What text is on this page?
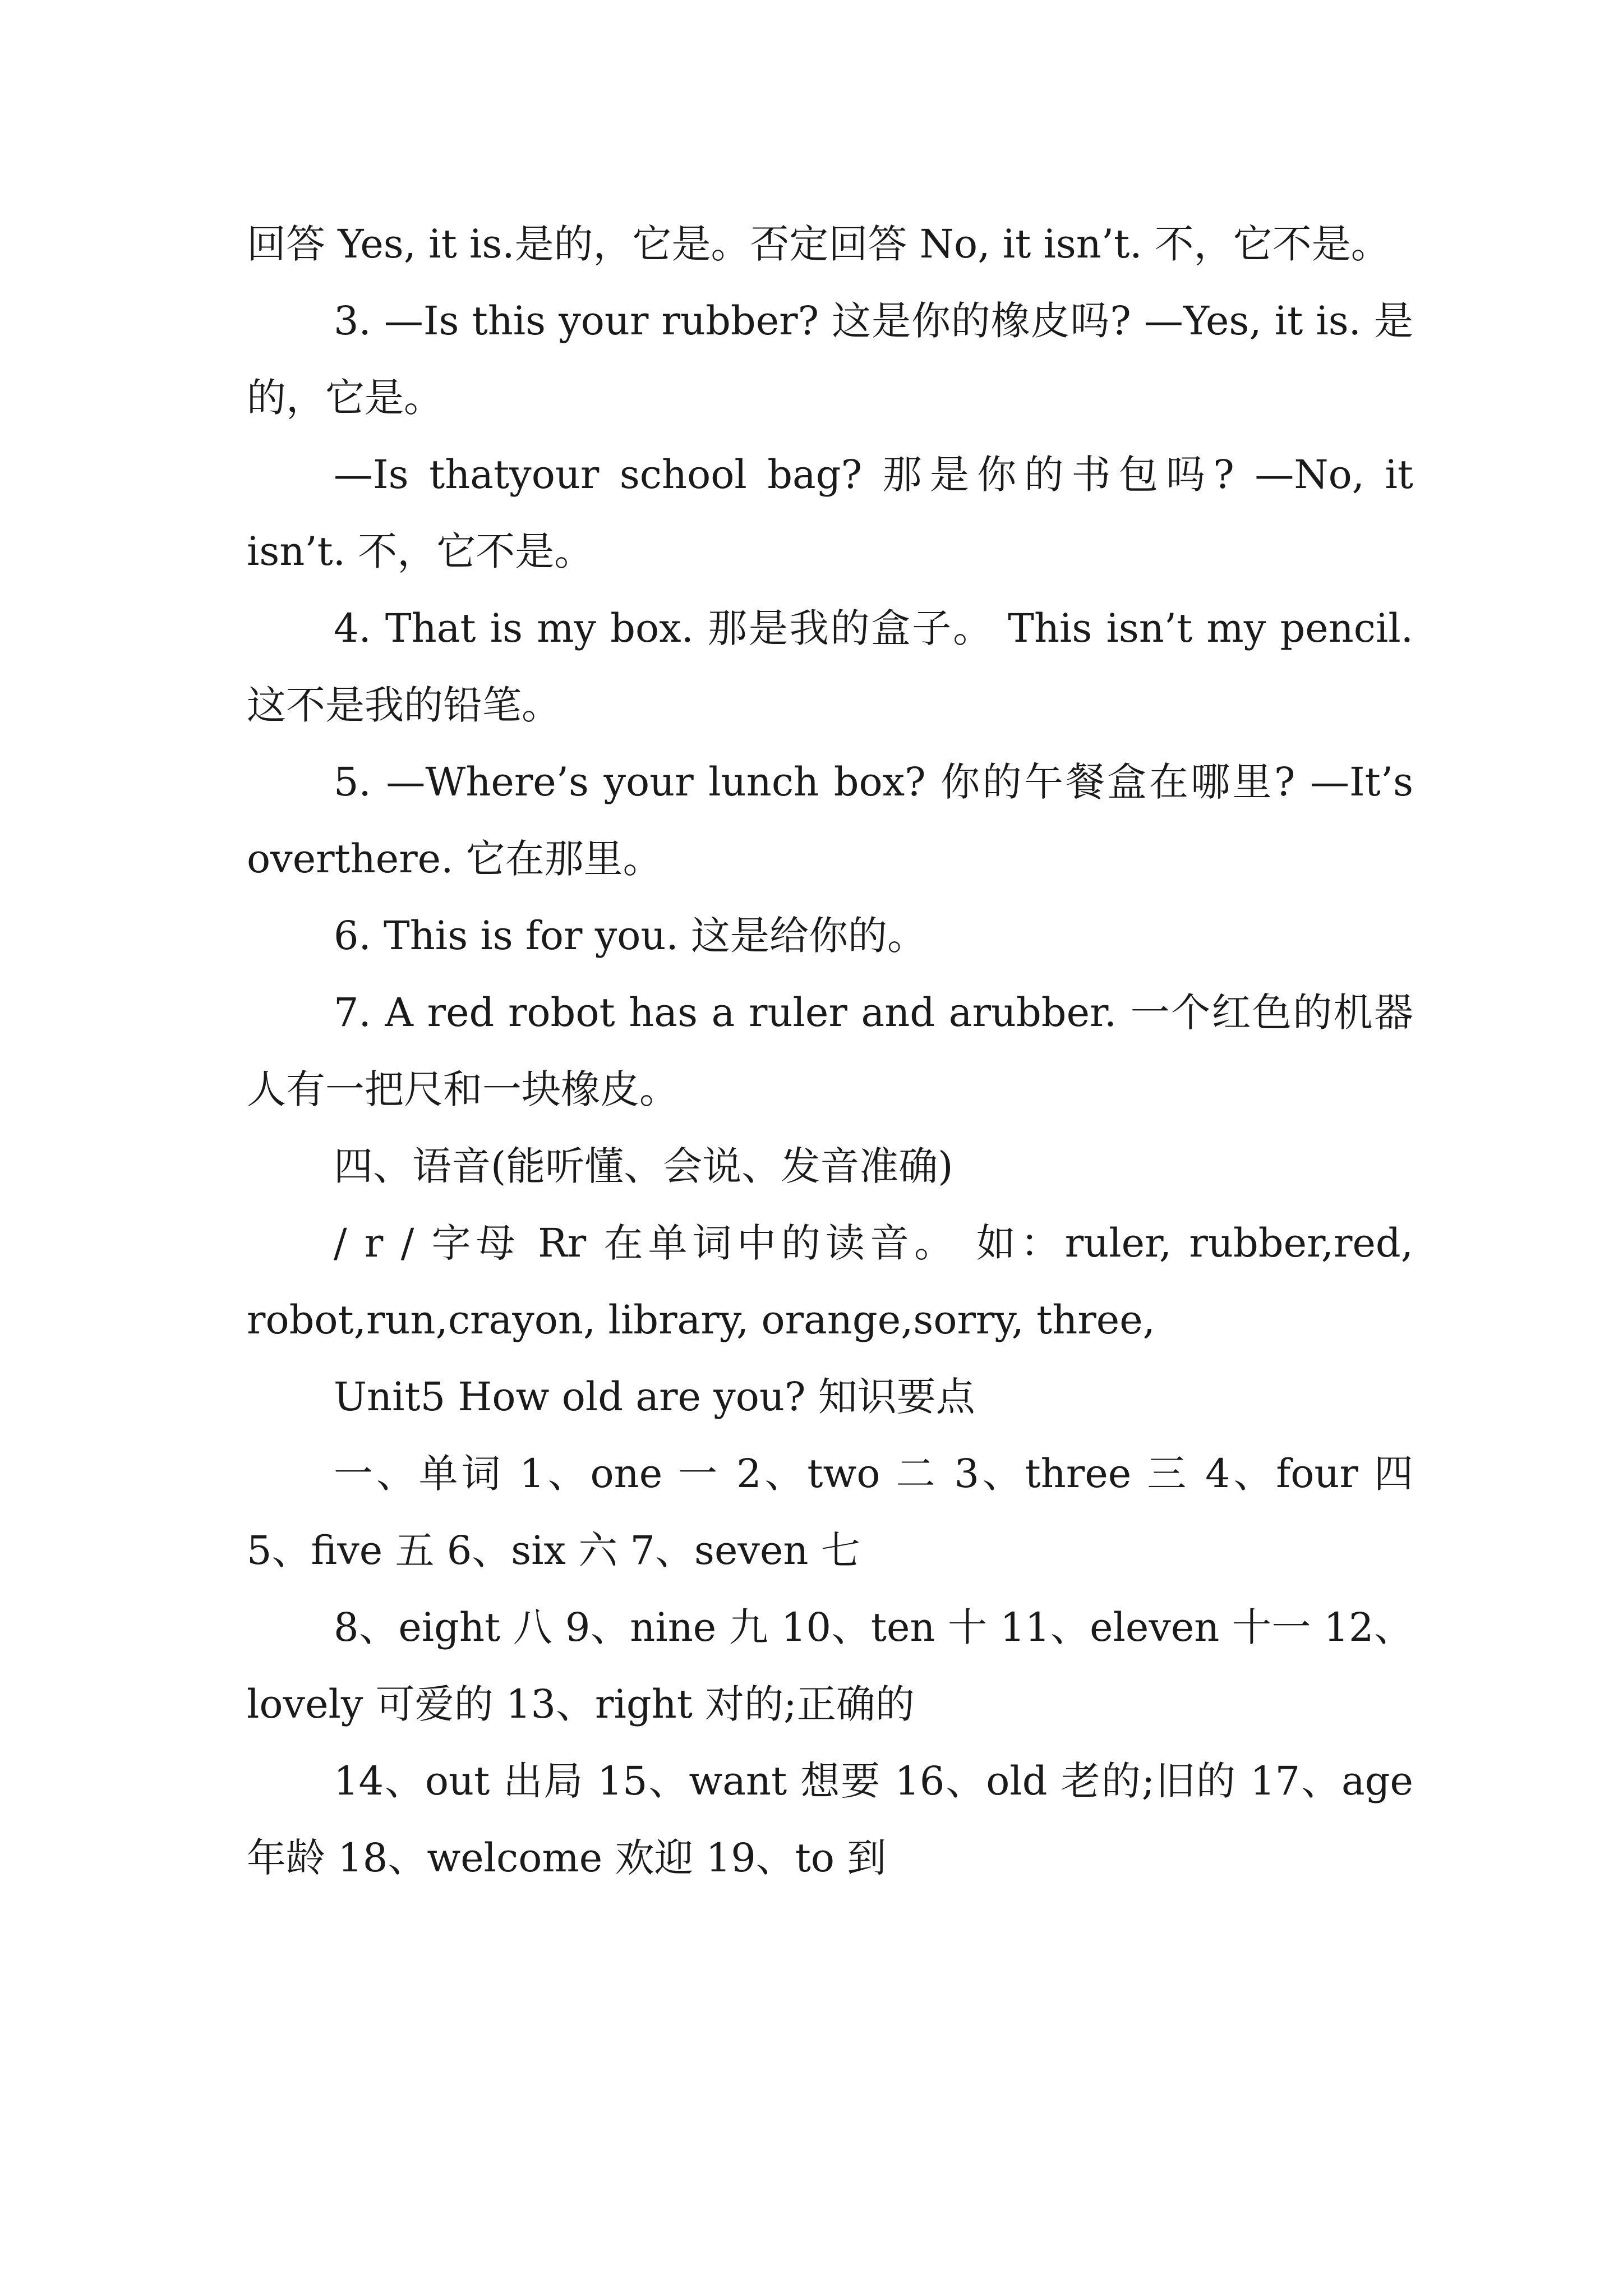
回答 Yes, it is.是的，它是。否定回答 No, it isn’t. 不，它不是。

3. —Is this your rubber? 这是你的橡皮吗? —Yes, it is. 是的，它是。

—Is thatyour school bag? 那是你的书包吗? —No, it isn’t. 不，它不是。

4. That is my box. 那是我的盒子。 This isn’t my pencil. 这不是我的铅笔。

5. —Where’s your lunch box? 你的午餐盒在哪里? —It’s overthere. 它在那里。

6. This is for you. 这是给你的。

7. A red robot has a ruler and arubber. 一个红色的机器人有一把尺和一块橡皮。

四、语音(能听懂、会说、发音准确)

/ r / 字母 Rr 在单词中的读音。 如：ruler, rubber,red, robot,run,crayon, library, orange,sorry, three,

Unit5 How old are you? 知识要点

一、单词 1、one 一 2、two 二 3、three 三 4、four 四 5、five 五 6、six 六 7、seven 七

8、eight 八 9、nine 九 10、ten 十 11、eleven 十一 12、lovely 可爱的 13、right 对的;正确的

14、out 出局 15、want 想要 16、old 老的;旧的 17、age 年龄 18、welcome 欢迎 19、to 到
